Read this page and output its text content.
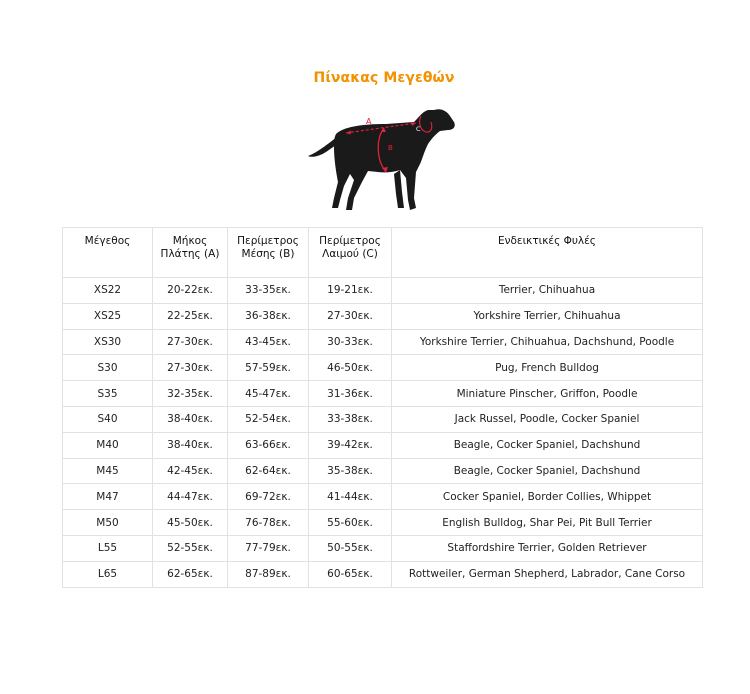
Πίνακας Μεγεθών
A
B
C
Μέγεθος	Μήκος Πλάτης (A)	Περίμετρος Μέσης (B)	Περίμετρος Λαιμού (C)	Ενδεικτικές Φυλές
XS22	20-22εκ.	33-35εκ.	19-21εκ.	Terrier, Chihuahua
XS25	22-25εκ.	36-38εκ.	27-30εκ.	Yorkshire Terrier, Chihuahua
XS30	27-30εκ.	43-45εκ.	30-33εκ.	Yorkshire Terrier, Chihuahua, Dachshund, Poodle
S30	27-30εκ.	57-59εκ.	46-50εκ.	Pug, French Bulldog
S35	32-35εκ.	45-47εκ.	31-36εκ.	Miniature Pinscher, Griffon, Poodle
S40	38-40εκ.	52-54εκ.	33-38εκ.	Jack Russel, Poodle, Cocker Spaniel
M40	38-40εκ.	63-66εκ.	39-42εκ.	Beagle, Cocker Spaniel, Dachshund
M45	42-45εκ.	62-64εκ.	35-38εκ.	Beagle, Cocker Spaniel, Dachshund
M47	44-47εκ.	69-72εκ.	41-44εκ.	Cocker Spaniel, Border Collies, Whippet
M50	45-50εκ.	76-78εκ.	55-60εκ.	English Bulldog, Shar Pei, Pit Bull Terrier
L55	52-55εκ.	77-79εκ.	50-55εκ.	Staffordshire Terrier, Golden Retriever
L65	62-65εκ.	87-89εκ.	60-65εκ.	Rottweiler, German Shepherd, Labrador, Cane Corso
